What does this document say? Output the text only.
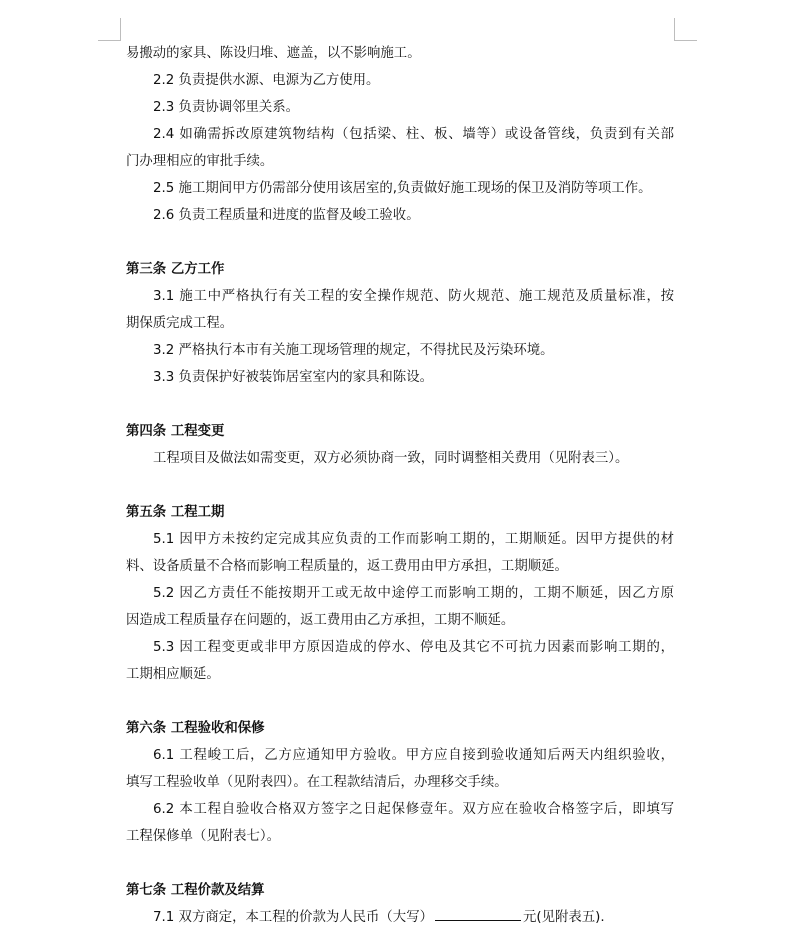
易搬动的家具、陈设归堆、遮盖，以不影响施工。
2.2 负责提供水源、电源为乙方使用。
2.3 负责协调邻里关系。
2.4 如确需拆改原建筑物结构（包括梁、柱、板、墙等）或设备管线，负责到有关部
门办理相应的审批手续。
2.5 施工期间甲方仍需部分使用该居室的,负责做好施工现场的保卫及消防等项工作。
2.6 负责工程质量和进度的监督及峻工验收。
第三条 乙方工作
3.1 施工中严格执行有关工程的安全操作规范、防火规范、施工规范及质量标准，按
期保质完成工程。
3.2 严格执行本市有关施工现场管理的规定，不得扰民及污染环境。
3.3 负责保护好被装饰居室室内的家具和陈设。
第四条 工程变更
工程项目及做法如需变更，双方必须协商一致，同时调整相关费用（见附表三）。
第五条 工程工期
5.1 因甲方未按约定完成其应负责的工作而影响工期的，工期顺延。因甲方提供的材
料、设备质量不合格而影响工程质量的，返工费用由甲方承担，工期顺延。
5.2 因乙方责任不能按期开工或无故中途停工而影响工期的，工期不顺延，因乙方原
因造成工程质量存在问题的，返工费用由乙方承担，工期不顺延。
5.3 因工程变更或非甲方原因造成的停水、停电及其它不可抗力因素而影响工期的，
工期相应顺延。
第六条 工程验收和保修
6.1 工程峻工后，乙方应通知甲方验收。甲方应自接到验收通知后两天内组织验收，
填写工程验收单（见附表四）。在工程款结清后，办理移交手续。
6.2 本工程自验收合格双方签字之日起保修壹年。双方应在验收合格签字后，即填写
工程保修单（见附表七）。
第七条 工程价款及结算
7.1 双方商定，本工程的价款为人民币（大写）	元(见附表五).
